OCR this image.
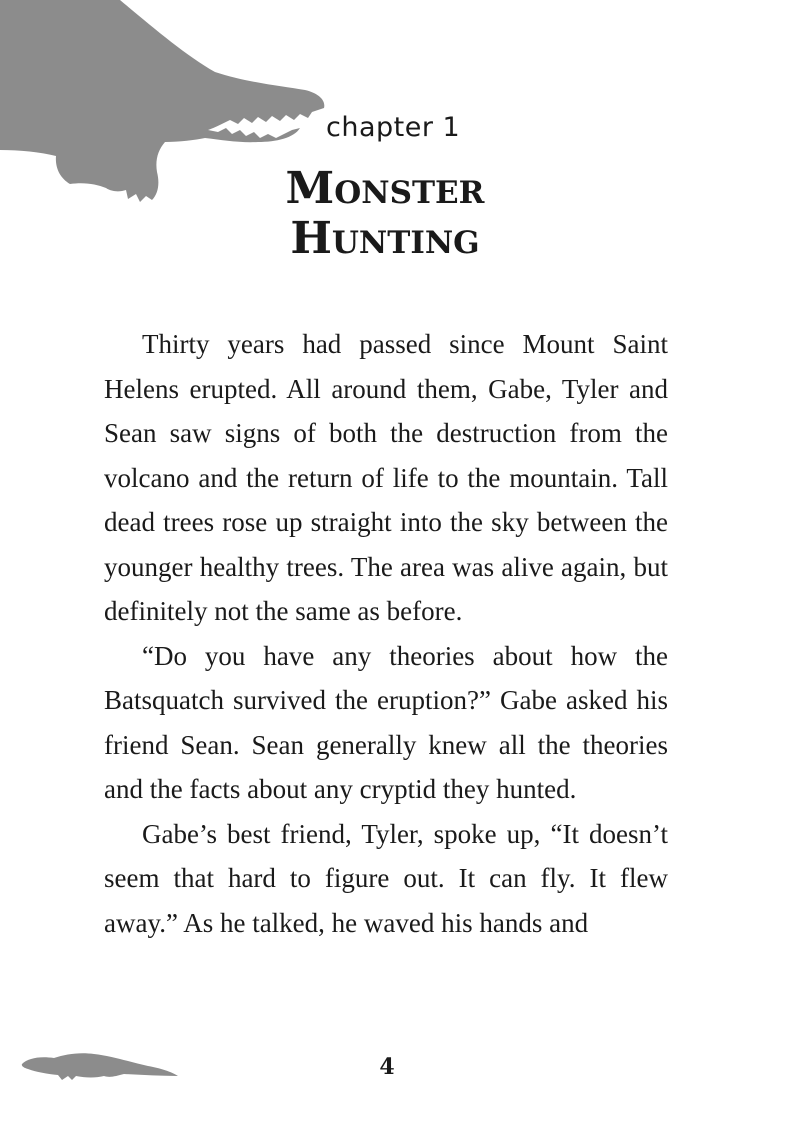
chapter 1
Monster
Hunting

Thirty years had passed since Mount Saint Helens erupted. All around them, Gabe, Tyler and Sean saw signs of both the destruction from the volcano and the return of life to the mountain. Tall dead trees rose up straight into the sky between the younger healthy trees. The area was alive again, but definitely not the same as before.

“Do you have any theories about how the Batsquatch survived the eruption?” Gabe asked his friend Sean. Sean generally knew all the theories and the facts about any cryptid they hunted.

Gabe’s best friend, Tyler, spoke up, “It doesn’t seem that hard to figure out. It can fly. It flew away.” As he talked, he waved his hands and

4
